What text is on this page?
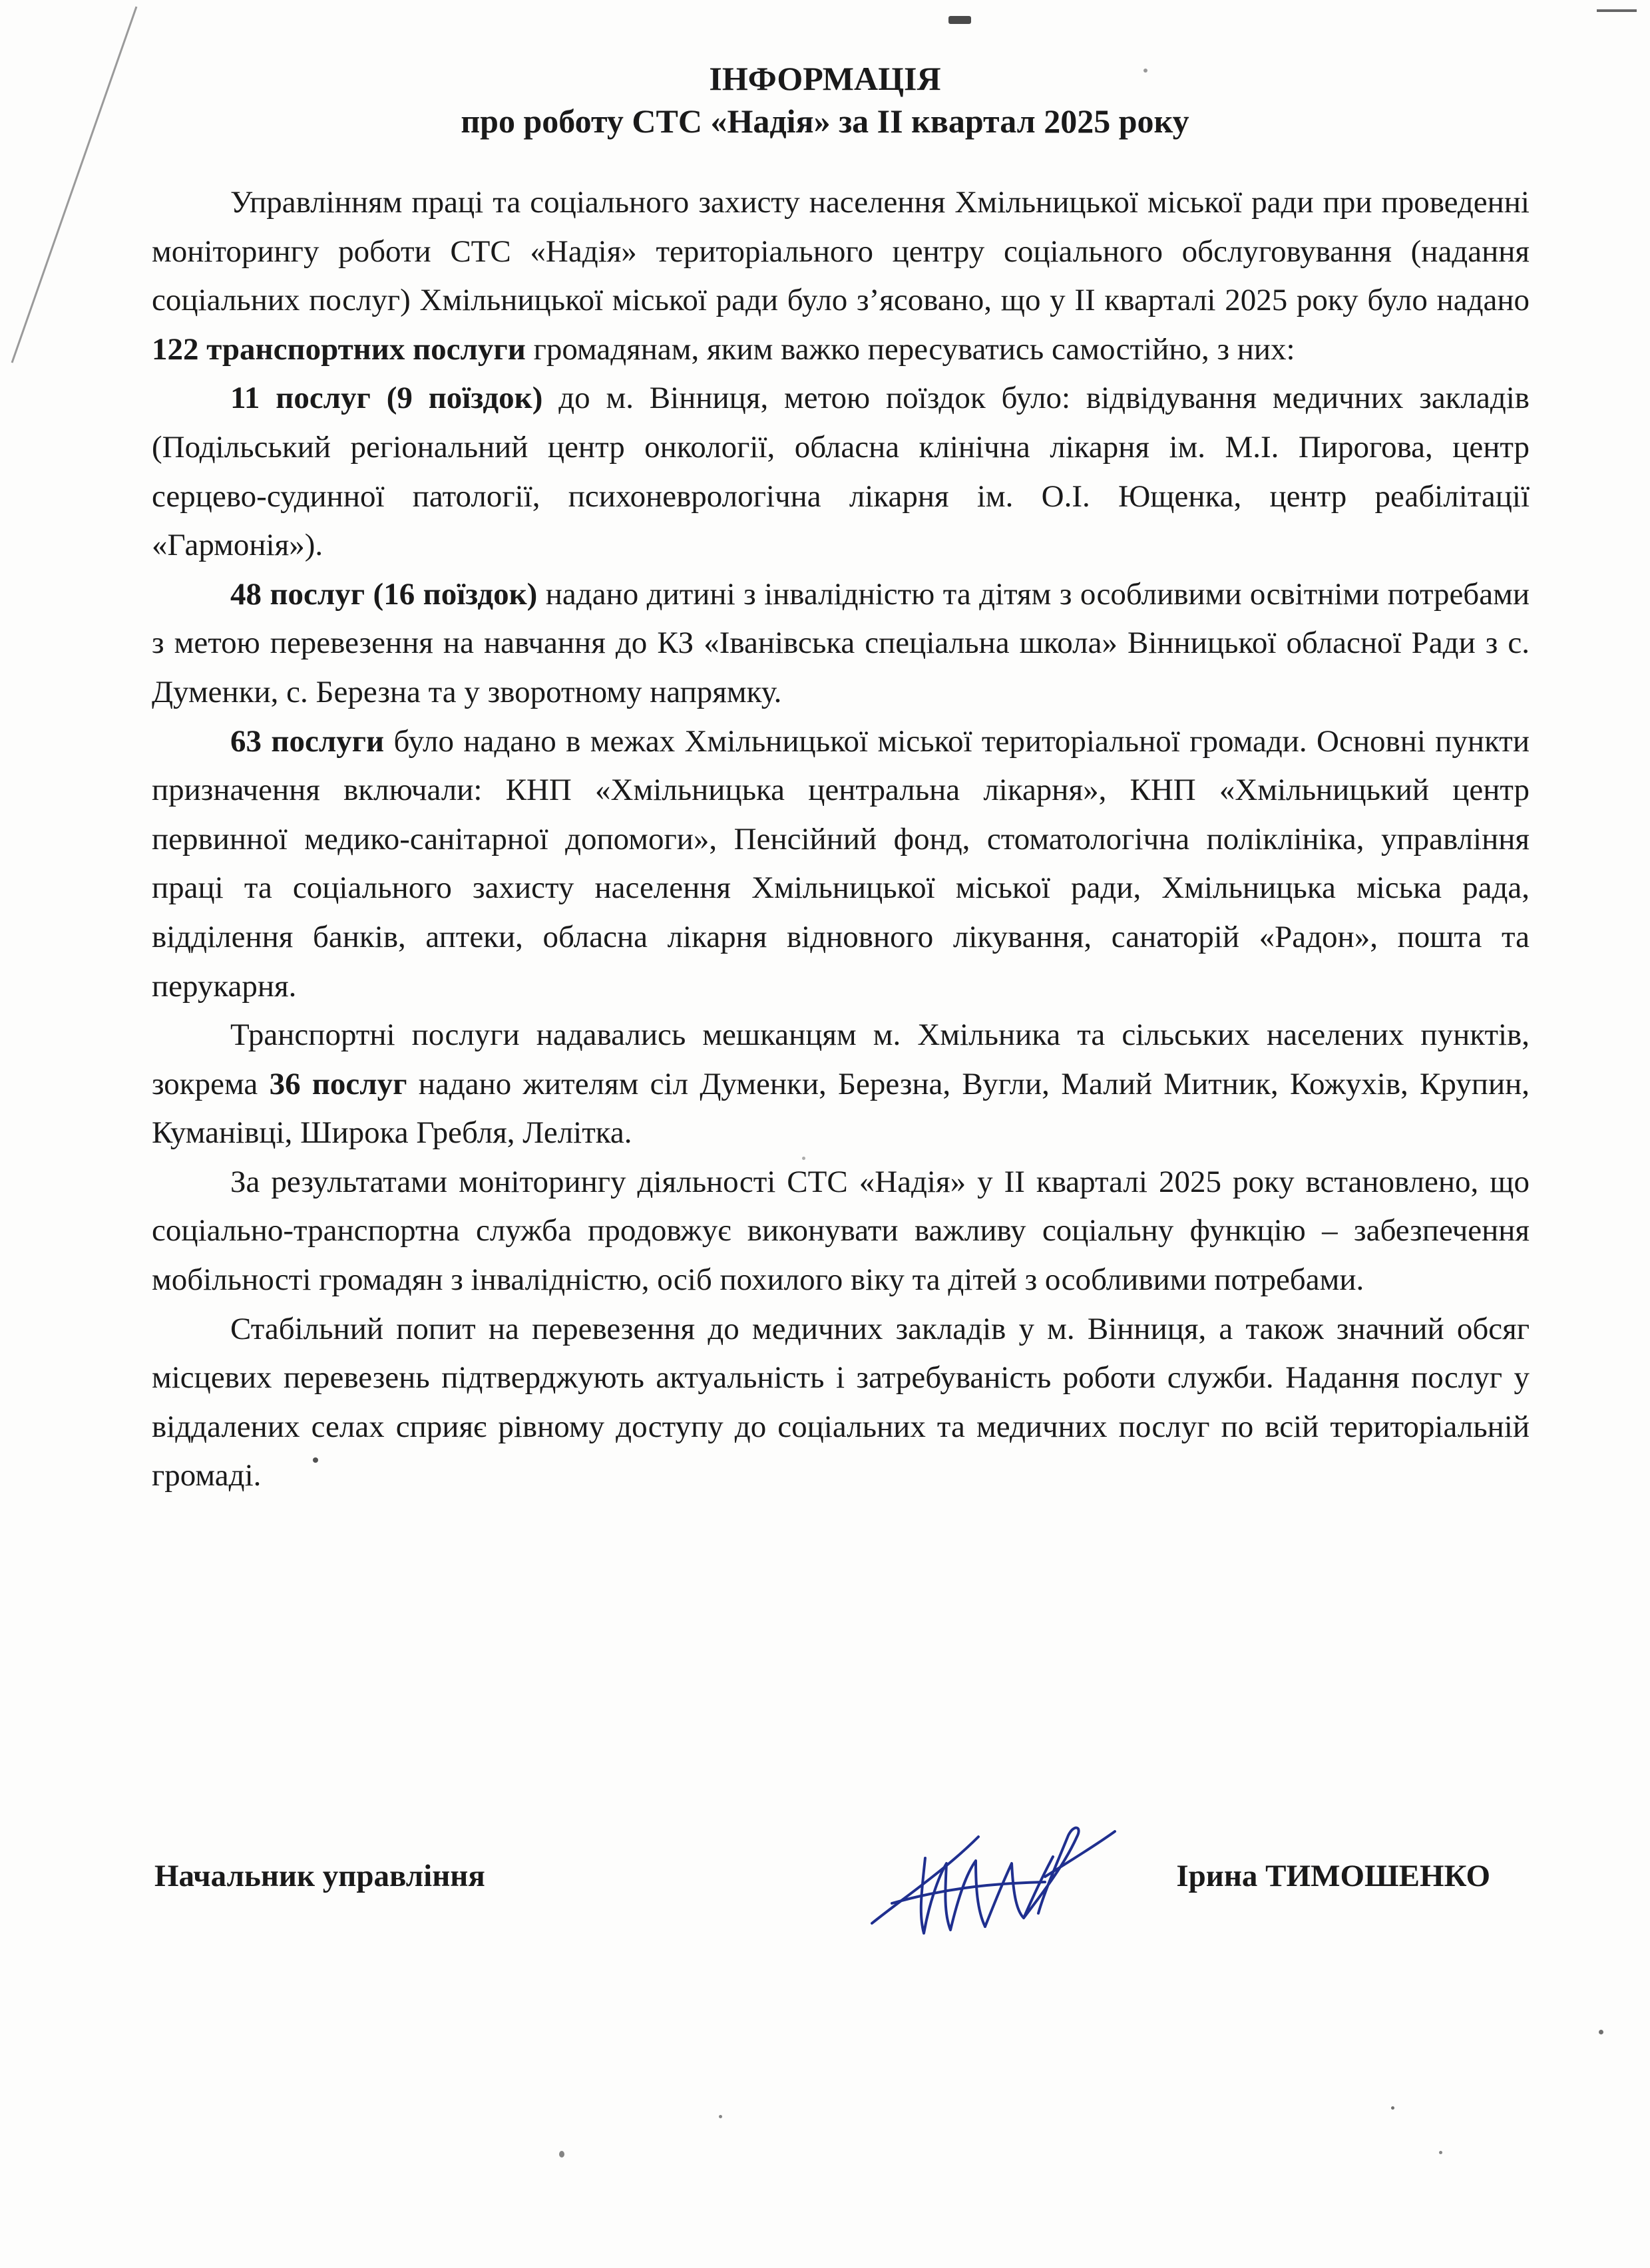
ІНФОРМАЦІЯ
про роботу СТС «Надія» за ІІ квартал 2025 року

Управлінням праці та соціального захисту населення Хмільницької міської ради при проведенні моніторингу роботи СТС «Надія» територіального центру соціального обслуговування (надання соціальних послуг) Хмільницької міської ради було з’ясовано, що у ІІ кварталі 2025 року було надано 122 транспортних послуги громадянам, яким важко пересуватись самостійно, з них:

11 послуг (9 поїздок) до м. Вінниця, метою поїздок було: відвідування медичних закладів (Подільський регіональний центр онкології, обласна клінічна лікарня ім. М.І. Пирогова, центр серцево-судинної патології, психоневрологічна лікарня ім. О.І. Ющенка, центр реабілітації «Гармонія»).

48 послуг (16 поїздок) надано дитині з інвалідністю та дітям з особливими освітніми потребами з метою перевезення на навчання до КЗ «Іванівська спеціальна школа» Вінницької обласної Ради з с. Думенки, с. Березна та у зворотному напрямку.

63 послуги було надано в межах Хмільницької міської територіальної громади. Основні пункти призначення включали: КНП «Хмільницька центральна лікарня», КНП «Хмільницький центр первинної медико-санітарної допомоги», Пенсійний фонд, стоматологічна поліклініка, управління праці та соціального захисту населення Хмільницької міської ради, Хмільницька міська рада, відділення банків, аптеки, обласна лікарня відновного лікування, санаторій «Радон», пошта та перукарня.

Транспортні послуги надавались мешканцям м. Хмільника та сільських населених пунктів, зокрема 36 послуг надано жителям сіл Думенки, Березна, Вугли, Малий Митник, Кожухів, Крупин, Куманівці, Широка Гребля, Лелітка.

За результатами моніторингу діяльності СТС «Надія» у ІІ кварталі 2025 року встановлено, що соціально-транспортна служба продовжує виконувати важливу соціальну функцію – забезпечення мобільності громадян з інвалідністю, осіб похилого віку та дітей з особливими потребами.

Стабільний попит на перевезення до медичних закладів у м. Вінниця, а також значний обсяг місцевих перевезень підтверджують актуальність і затребуваність роботи служби. Надання послуг у віддалених селах сприяє рівному доступу до соціальних та медичних послуг по всій територіальній громаді.

Начальник управління	Ірина ТИМОШЕНКО
